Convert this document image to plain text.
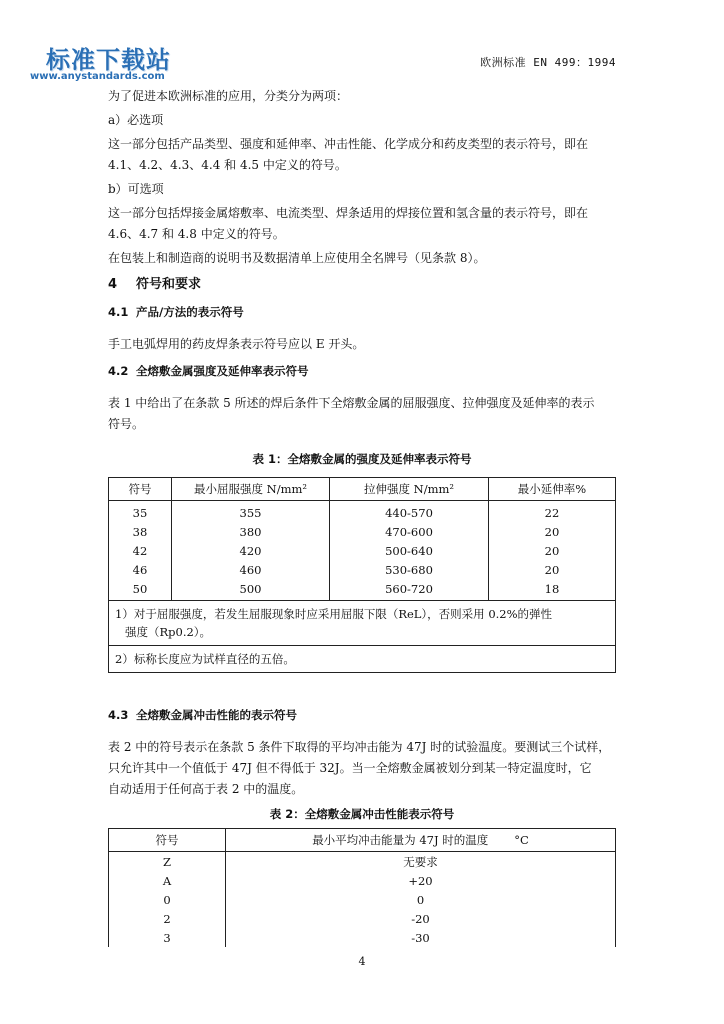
标准下载站
www.anystandards.com
欧洲标准 EN 499：1994

为了促进本欧洲标准的应用，分类分为两项：

a）必选项

这一部分包括产品类型、强度和延伸率、冲击性能、化学成分和药皮类型的表示符号，即在

4.1、4.2、4.3、4.4 和 4.5 中定义的符号。

b）可选项

这一部分包括焊接金属熔敷率、电流类型、焊条适用的焊接位置和氢含量的表示符号，即在

4.6、4.7 和 4.8 中定义的符号。

在包装上和制造商的说明书及数据清单上应使用全名牌号（见条款 8）。

4 符号和要求
4.1 产品/方法的表示符号

手工电弧焊用的药皮焊条表示符号应以 E 开头。

4.2 全熔敷金属强度及延伸率表示符号

表 1 中给出了在条款 5 所述的焊后条件下全熔敷金属的屈服强度、拉伸强度及延伸率的表示

符号。

表 1：全熔敷金属的强度及延伸率表示符号
符号	最小屈服强度 N/mm²	拉伸强度 N/mm²	最小延伸率%
35	355	440-570	22
38	380	470-600	20
42	420	500-640	20
46	460	530-680	20
50	500	560-720	18
1）对于屈服强度，若发生屈服现象时应采用屈服下限（ReL），否则采用 0.2%的弹性
强度（Rp0.2）。			

2）标称长度应为试样直径的五倍。			
4.3 全熔敷金属冲击性能的表示符号

表 2 中的符号表示在条款 5 条件下取得的平均冲击能为 47J 时的试验温度。要测试三个试样，

只允许其中一个值低于 47J 但不得低于 32J。当一全熔敷金属被划分到某一特定温度时，它

自动适用于任何高于表 2 中的温度。

表 2：全熔敷金属冲击性能表示符号
符号	最小平均冲击能量为 47J 时的温度 °C
Z	无要求
A	+20
0	0
2	-20
3	-30
4
